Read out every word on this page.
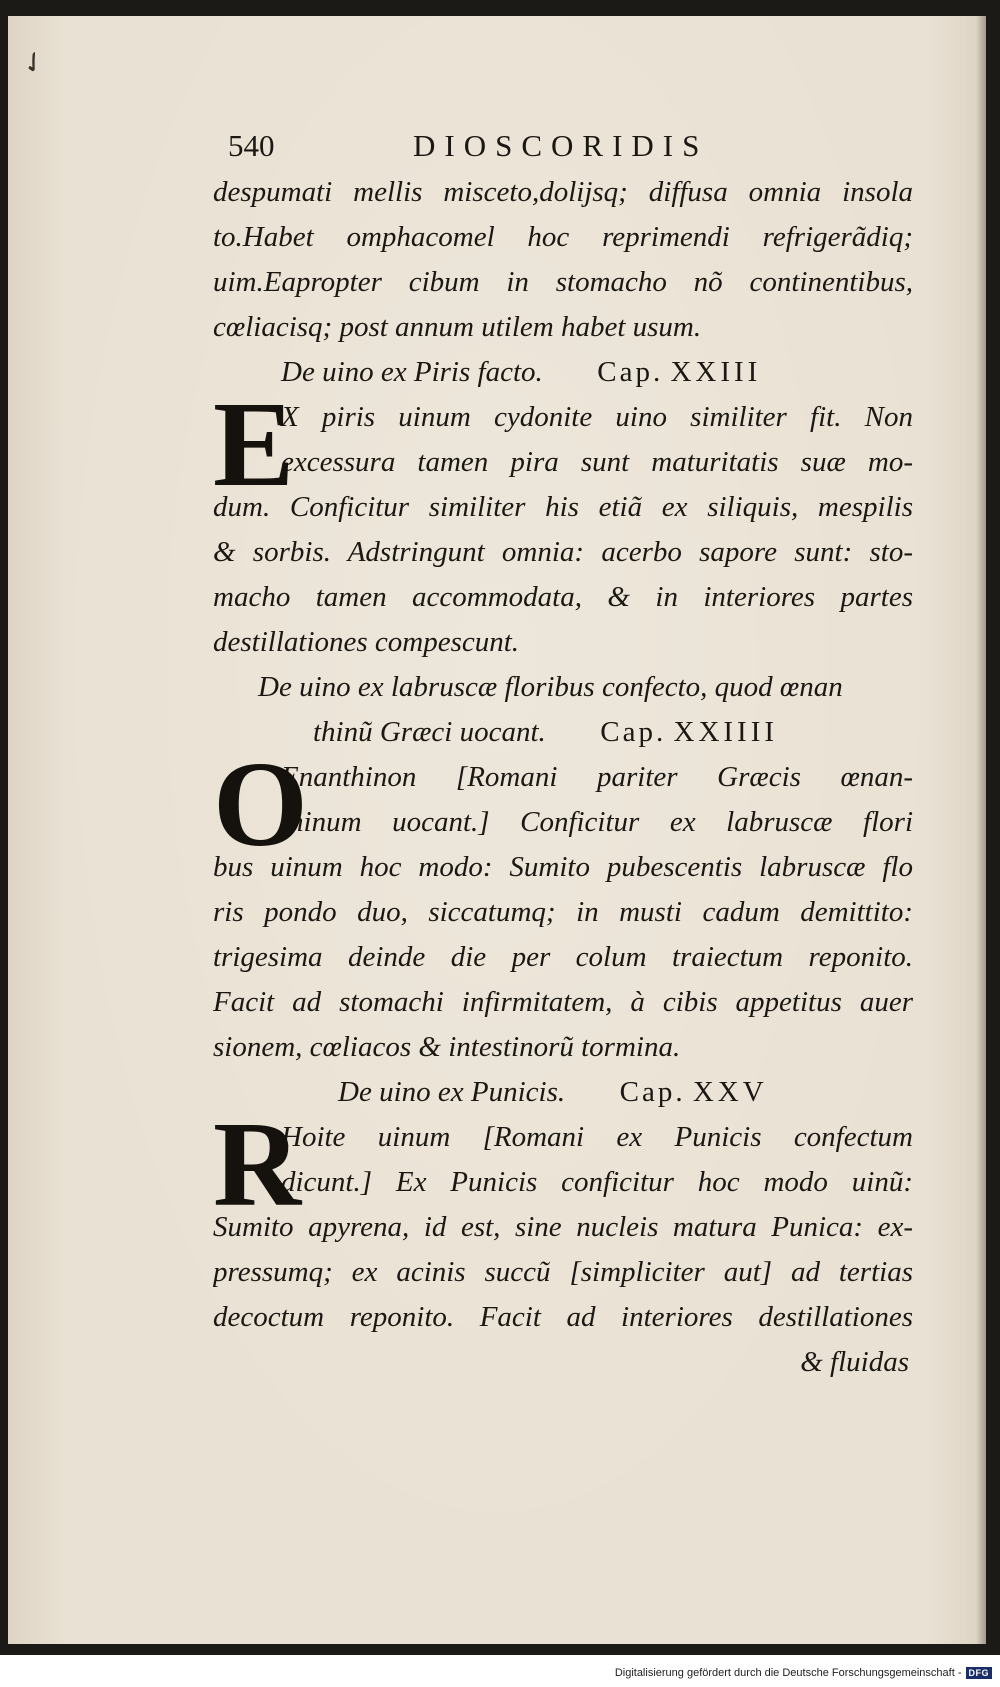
✓
540	DIOSCORIDIS
despumati mellis misceto,dolijsq; diffusa omnia insola
to.Habet omphacomel hoc reprimendi refrigerãdiq;
uim.Eapropter cibum in stomacho nõ continentibus,
cœliacisq; post annum utilem habet usum.
De uino ex Piris facto. Cap. XXIII
E
X piris uinum cydonite uino similiter fit. Non
excessura tamen pira sunt maturitatis suæ mo-
dum. Conficitur similiter his etiã ex siliquis, mespilis
& sorbis. Adstringunt omnia: acerbo sapore sunt: sto-
macho tamen accommodata, & in interiores partes
destillationes compescunt.
De uino ex labruscæ floribus confecto, quod œnan
thinũ Græci uocant. Cap. XXIIII
O
Enanthinon [Romani pariter Græcis œnan-
thinum uocant.] Conficitur ex labruscæ flori
bus uinum hoc modo: Sumito pubescentis labruscæ flo
ris pondo duo, siccatumq; in musti cadum demittito:
trigesima deinde die per colum traiectum reponito.
Facit ad stomachi infirmitatem, à cibis appetitus auer
sionem, cœliacos & intestinorũ tormina.
De uino ex Punicis. Cap. XXV
R
Hoite uinum [Romani ex Punicis confectum
dicunt.] Ex Punicis conficitur hoc modo uinũ:
Sumito apyrena, id est, sine nucleis matura Punica: ex-
pressumq; ex acinis succũ [simpliciter aut] ad tertias
decoctum reponito. Facit ad interiores destillationes
& fluidas
Digitalisierung gefördert durch die Deutsche Forschungsgemeinschaft - DFG
